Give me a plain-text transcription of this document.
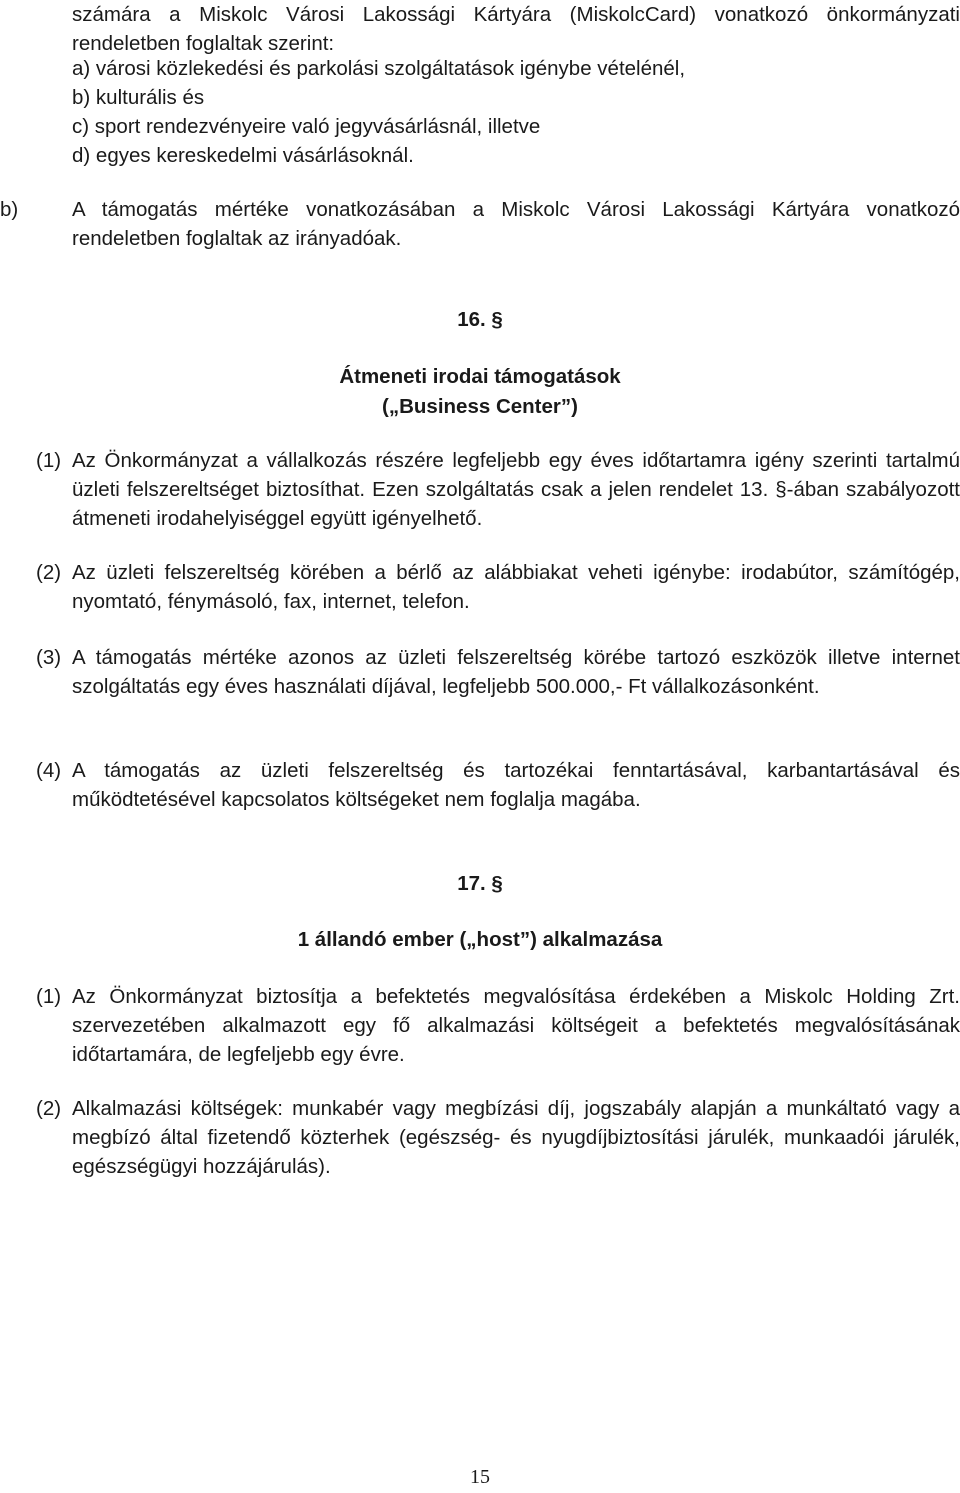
számára a Miskolc Városi Lakossági Kártyára (MiskolcCard) vonatkozó önkormányzati rendeletben foglaltak szerint:
a) városi közlekedési és parkolási szolgáltatások igénybe vételénél,
b) kulturális és
c) sport rendezvényeire való jegyvásárlásnál, illetve
d) egyes kereskedelmi vásárlásoknál.
b)	A támogatás mértéke vonatkozásában a Miskolc Városi Lakossági Kártyára vonatkozó rendeletben foglaltak az irányadóak.
16. §
Átmeneti irodai támogatások
(„Business Center”)
(1) Az Önkormányzat a vállalkozás részére legfeljebb egy éves időtartamra igény szerinti tartalmú üzleti felszereltséget biztosíthat. Ezen szolgáltatás csak a jelen rendelet 13. §-ában szabályozott átmeneti irodahelyiséggel együtt igényelhető.
(2) Az üzleti felszereltség körében a bérlő az alábbiakat veheti igénybe: irodabútor, számítógép, nyomtató, fénymásoló, fax, internet, telefon.
(3) A támogatás mértéke azonos az üzleti felszereltség körébe tartozó eszközök illetve internet szolgáltatás egy éves használati díjával, legfeljebb 500.000,- Ft vállalkozásonként.
(4) A támogatás az üzleti felszereltség és tartozékai fenntartásával, karbantartásával és működtetésével kapcsolatos költségeket nem foglalja magába.
17. §
1 állandó ember („host”) alkalmazása
(1) Az Önkormányzat biztosítja a befektetés megvalósítása érdekében a Miskolc Holding Zrt. szervezetében alkalmazott egy fő alkalmazási költségeit a befektetés megvalósításának időtartamára, de legfeljebb egy évre.
(2) Alkalmazási költségek: munkabér vagy megbízási díj, jogszabály alapján a munkáltató vagy a megbízó által fizetendő közterhek (egészség- és nyugdíjbiztosítási járulék, munkaadói járulék, egészségügyi hozzájárulás).
15
